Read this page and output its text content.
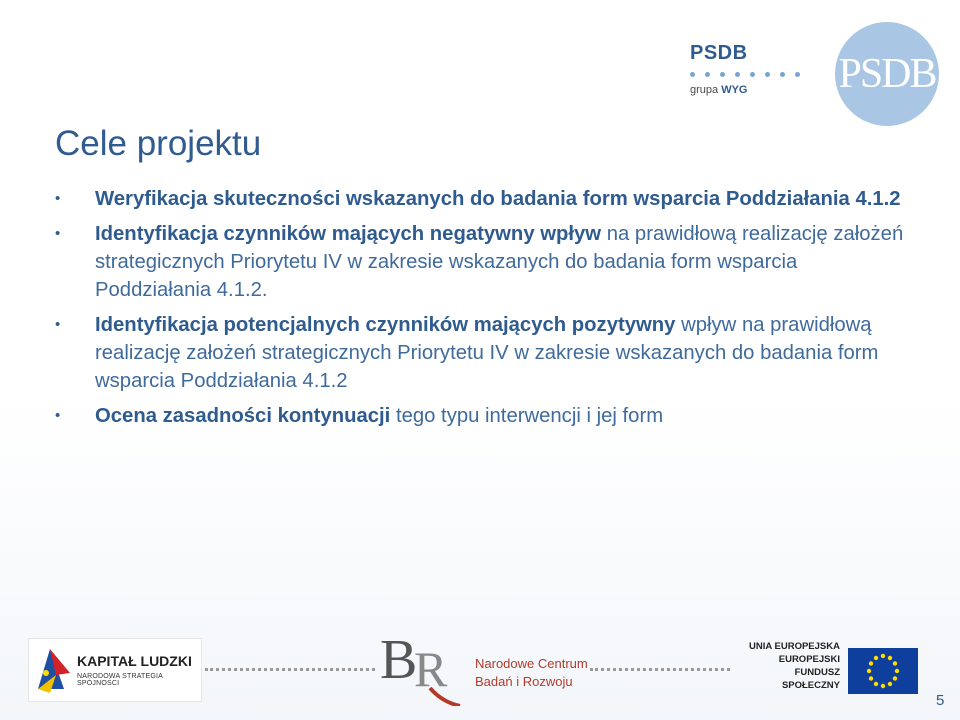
PSDB
grupa WYG PSDB
Cele projektu
• Weryfikacja skuteczności wskazanych do badania form wsparcia Poddziałania 4.1.2
• Identyfikacja czynników mających negatywny wpływ na prawidłową realizację założeń strategicznych Priorytetu IV w zakresie wskazanych do badania form wsparcia Poddziałania 4.1.2.
• Identyfikacja potencjalnych czynników mających pozytywny wpływ na prawidłową realizację założeń strategicznych Priorytetu IV w zakresie wskazanych do badania form wsparcia Poddziałania 4.1.2
• Ocena zasadności kontynuacji tego typu interwencji i jej form
KAPITAŁ LUDZKI
NARODOWA STRATEGIA SPÓJNOŚCI	B
R Narodowe Centrum
Badań i Rozwoju
UNIA EUROPEJSKA
EUROPEJSKI
FUNDUSZ SPOŁECZNY
5
